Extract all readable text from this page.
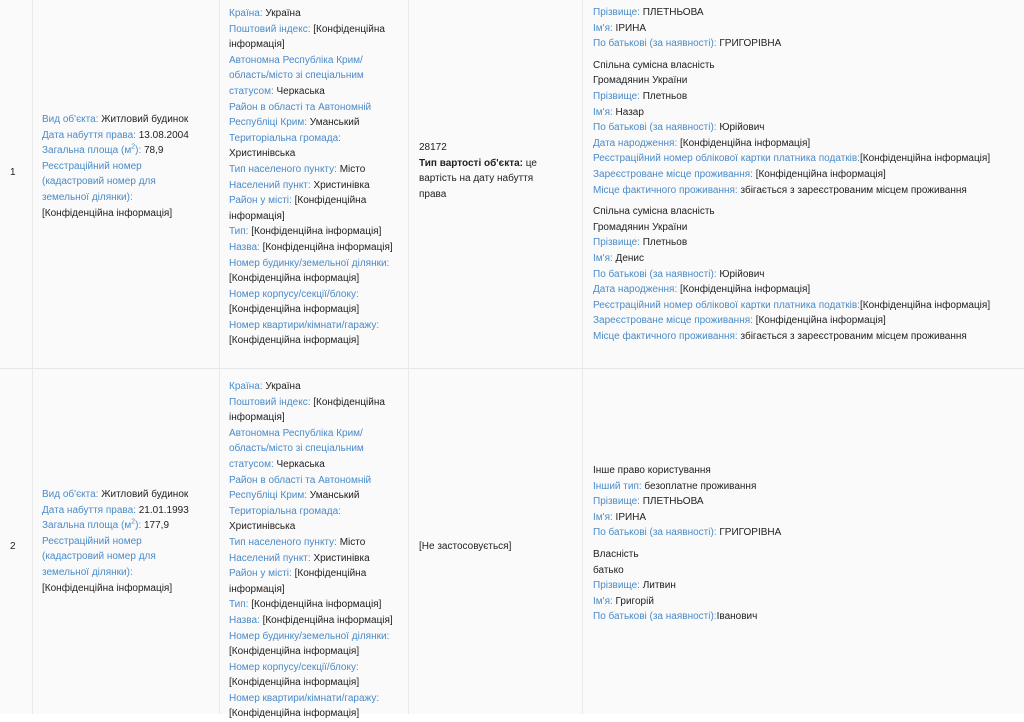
1
Вид об'єкта: Житловий будинок
Дата набуття права: 13.08.2004
Загальна площа $(м^2)$: 78,9
Реєстраційний номер
(кадастровий номер для
земельної ділянки):
[Конфіденційна інформація]
Країна: Україна
Поштовий індекс: [Конфіденційна
інформація]
Автономна Республіка Крим/
область/місто зі спеціальним
статусом: Черкаська
Район в області та Автономній
Республіці Крим: Уманський
Територіальна громада:
Христинівська
Тип населеного пункту: Місто
Населений пункт: Христинівка
Район у місті: [Конфіденційна
інформація]
Тип: [Конфіденційна інформація]
Назва: [Конфіденційна інформація]
Номер будинку/земельної ділянки:
[Конфіденційна інформація]
Номер корпусу/секції/блоку:
[Конфіденційна інформація]
Номер квартири/кімнати/гаражу:
[Конфіденційна інформація]
28172
Тип вартості об'єкта: це
вартість на дату набуття
права
Прізвище: ПЛЕТНЬОВА
Ім'я: ІРИНА
По батькові (за наявності): ГРИГОРІВНА
Спільна сумісна власність
Громадянин України
Прізвище: Плетньов
Ім'я: Назар
По батькові (за наявності): Юрійович
Дата народження: [Конфіденційна інформація]
Реєстраційний номер облікової картки платника податків:[Конфіденційна інформація]
Зареєстроване місце проживання: [Конфіденційна інформація]
Місце фактичного проживання: збігається з зареєстрованим місцем проживання
Спільна сумісна власність
Громадянин України
Прізвище: Плетньов
Ім'я: Денис
По батькові (за наявності): Юрійович
Дата народження: [Конфіденційна інформація]
Реєстраційний номер облікової картки платника податків:[Конфіденційна інформація]
Зареєстроване місце проживання: [Конфіденційна інформація]
Місце фактичного проживання: збігається з зареєстрованим місцем проживання
2
Вид об'єкта: Житловий будинок
Дата набуття права: 21.01.1993
Загальна площа $(м^2)$: 177,9
Реєстраційний номер
(кадастровий номер для
земельної ділянки):
[Конфіденційна інформація]
Країна: Україна
Поштовий індекс: [Конфіденційна
інформація]
Автономна Республіка Крим/
область/місто зі спеціальним
статусом: Черкаська
Район в області та Автономній
Республіці Крим: Уманський
Територіальна громада:
Христинівська
Тип населеного пункту: Місто
Населений пункт: Христинівка
Район у місті: [Конфіденційна
інформація]
Тип: [Конфіденційна інформація]
Назва: [Конфіденційна інформація]
Номер будинку/земельної ділянки:
[Конфіденційна інформація]
Номер корпусу/секції/блоку:
[Конфіденційна інформація]
Номер квартири/кімнати/гаражу:
[Конфіденційна інформація]
[Не застосовується]
Інше право користування
Інший тип: безоплатне проживання
Прізвище: ПЛЕТНЬОВА
Ім'я: ІРИНА
По батькові (за наявності): ГРИГОРІВНА
Власність
батько
Прізвище: Литвин
Ім'я: Григорій
По батькові (за наявності):Іванович
